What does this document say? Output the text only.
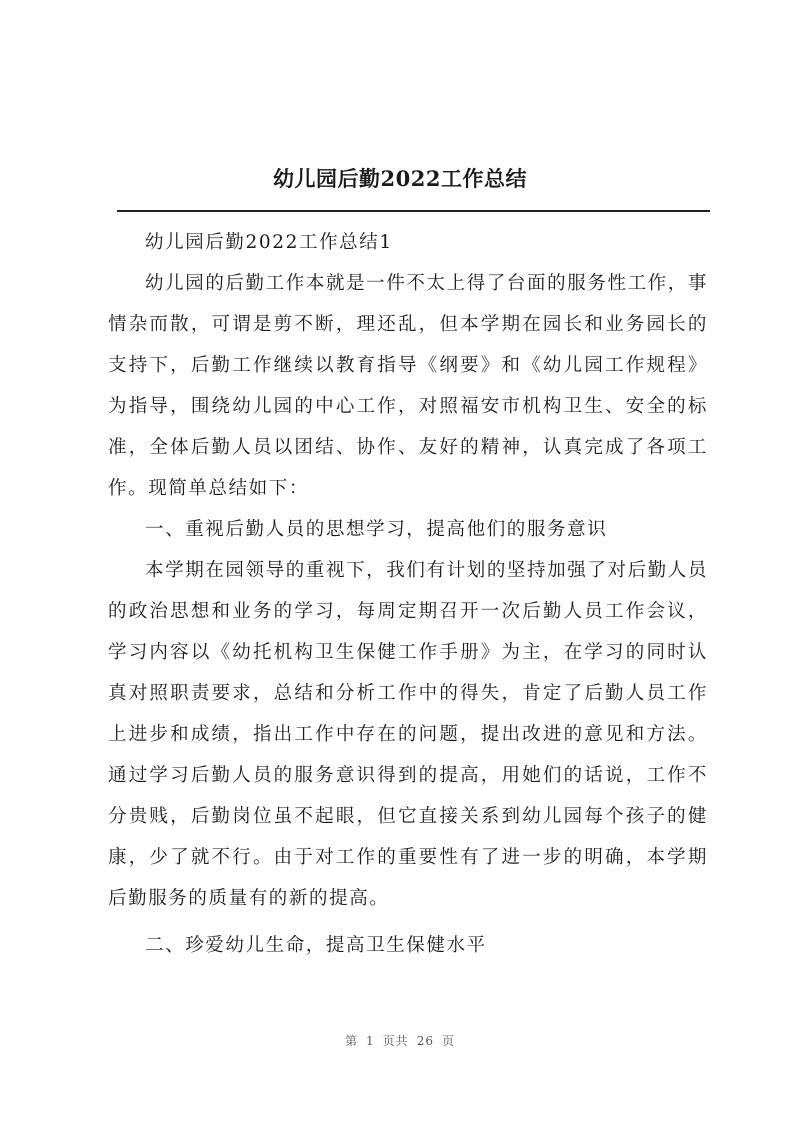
幼儿园后勤2022工作总结

幼儿园后勤2022工作总结1

幼儿园的后勤工作本就是一件不太上得了台面的服务性工作，事情杂而散，可谓是剪不断，理还乱，但本学期在园长和业务园长的支持下，后勤工作继续以教育指导《纲要》和《幼儿园工作规程》为指导，围绕幼儿园的中心工作，对照福安市机构卫生、安全的标准，全体后勤人员以团结、协作、友好的精神，认真完成了各项工作。现简单总结如下：

一、重视后勤人员的思想学习，提高他们的服务意识

本学期在园领导的重视下，我们有计划的坚持加强了对后勤人员的政治思想和业务的学习，每周定期召开一次后勤人员工作会议，学习内容以《幼托机构卫生保健工作手册》为主，在学习的同时认真对照职责要求，总结和分析工作中的得失，肯定了后勤人员工作上进步和成绩，指出工作中存在的问题，提出改进的意见和方法。通过学习后勤人员的服务意识得到的提高，用她们的话说，工作不分贵贱，后勤岗位虽不起眼，但它直接关系到幼儿园每个孩子的健康，少了就不行。由于对工作的重要性有了进一步的明确，本学期后勤服务的质量有的新的提高。

二、珍爱幼儿生命，提高卫生保健水平

第 1 页共 26 页
